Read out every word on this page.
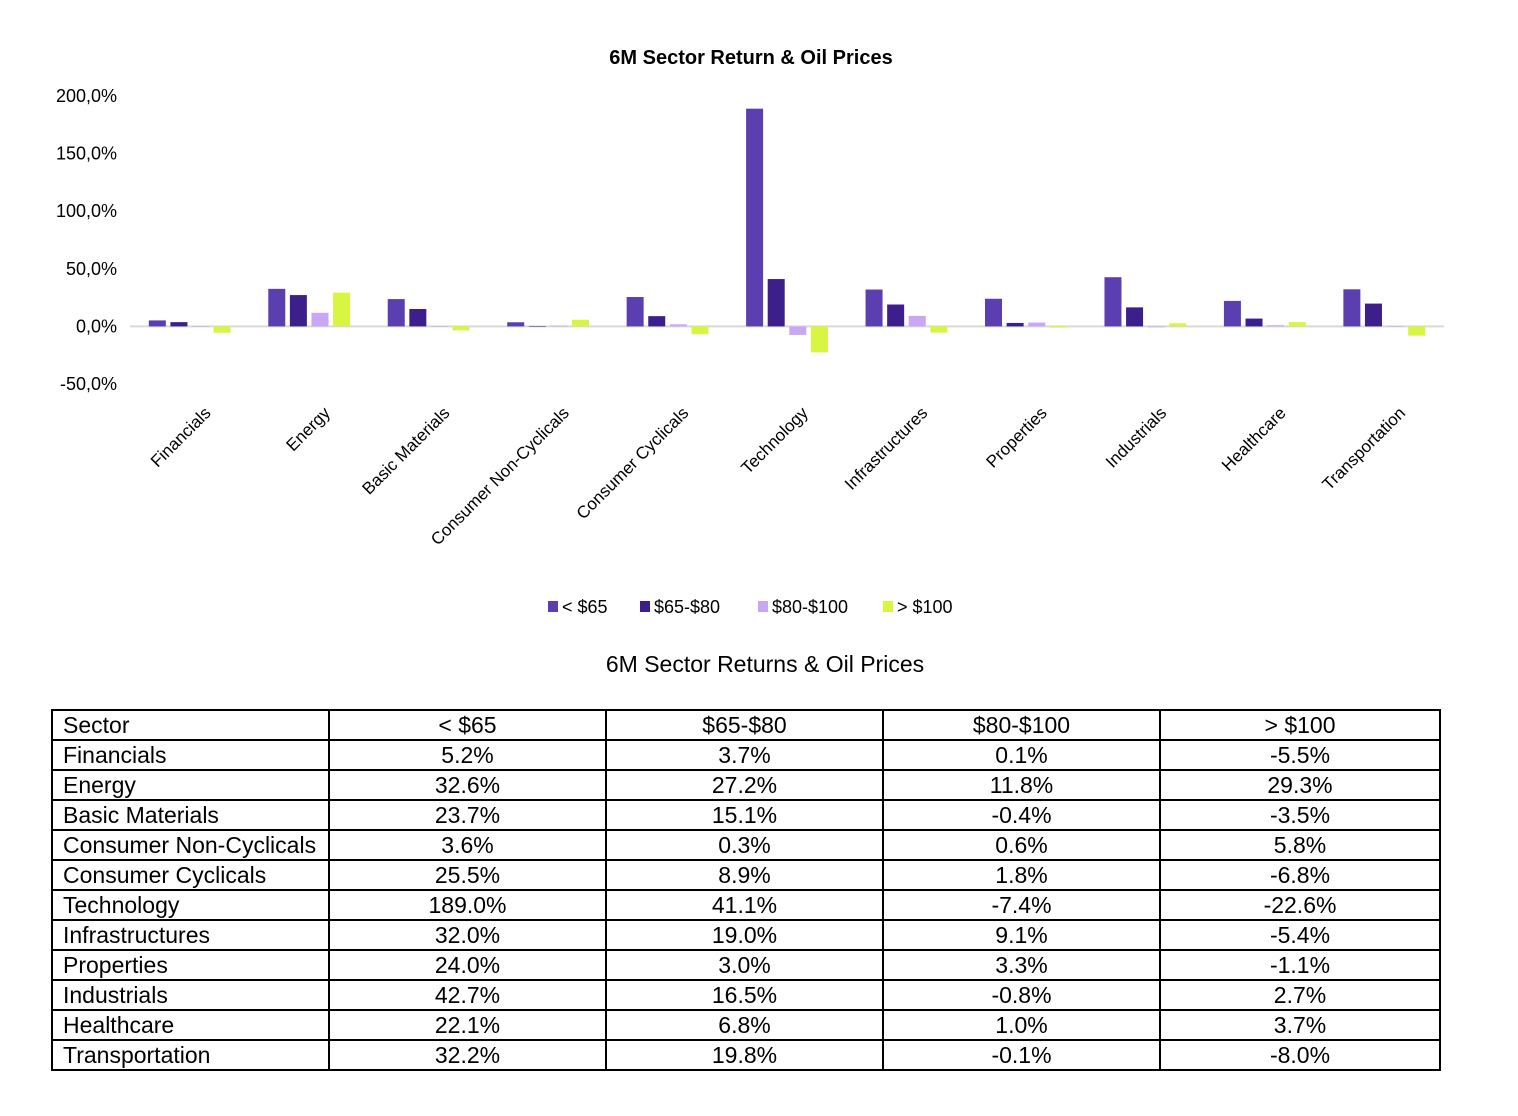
6M Sector Return & Oil Prices
200,0%
150,0%
100,0%
50,0%
0,0%
-50,0%
Financials	Energy Basic Materials
Consumer Non-Cyclicals Consumer Cyclicals	Technology Infrastructures	Properties	Industrials	Healthcare Transportation
< $65	$65-$80	$80-$100	> $100
6M Sector Returns & Oil Prices
Sector	< $65	$65-$80	$80-$100	> $100
Financials	5.2%	3.7%	0.1%	-5.5%
Energy	32.6%	27.2%	11.8%	29.3%
Basic Materials	23.7%	15.1%	-0.4%	-3.5%
Consumer Non-Cyclicals	3.6%	0.3%	0.6%	5.8%
Consumer Cyclicals	25.5%	8.9%	1.8%	-6.8%
Technology	189.0%	41.1%	-7.4%	-22.6%
Infrastructures	32.0%	19.0%	9.1%	-5.4%
Properties	24.0%	3.0%	3.3%	-1.1%
Industrials	42.7%	16.5%	-0.8%	2.7%
Healthcare	22.1%	6.8%	1.0%	3.7%
Transportation	32.2%	19.8%	-0.1%	-8.0%
